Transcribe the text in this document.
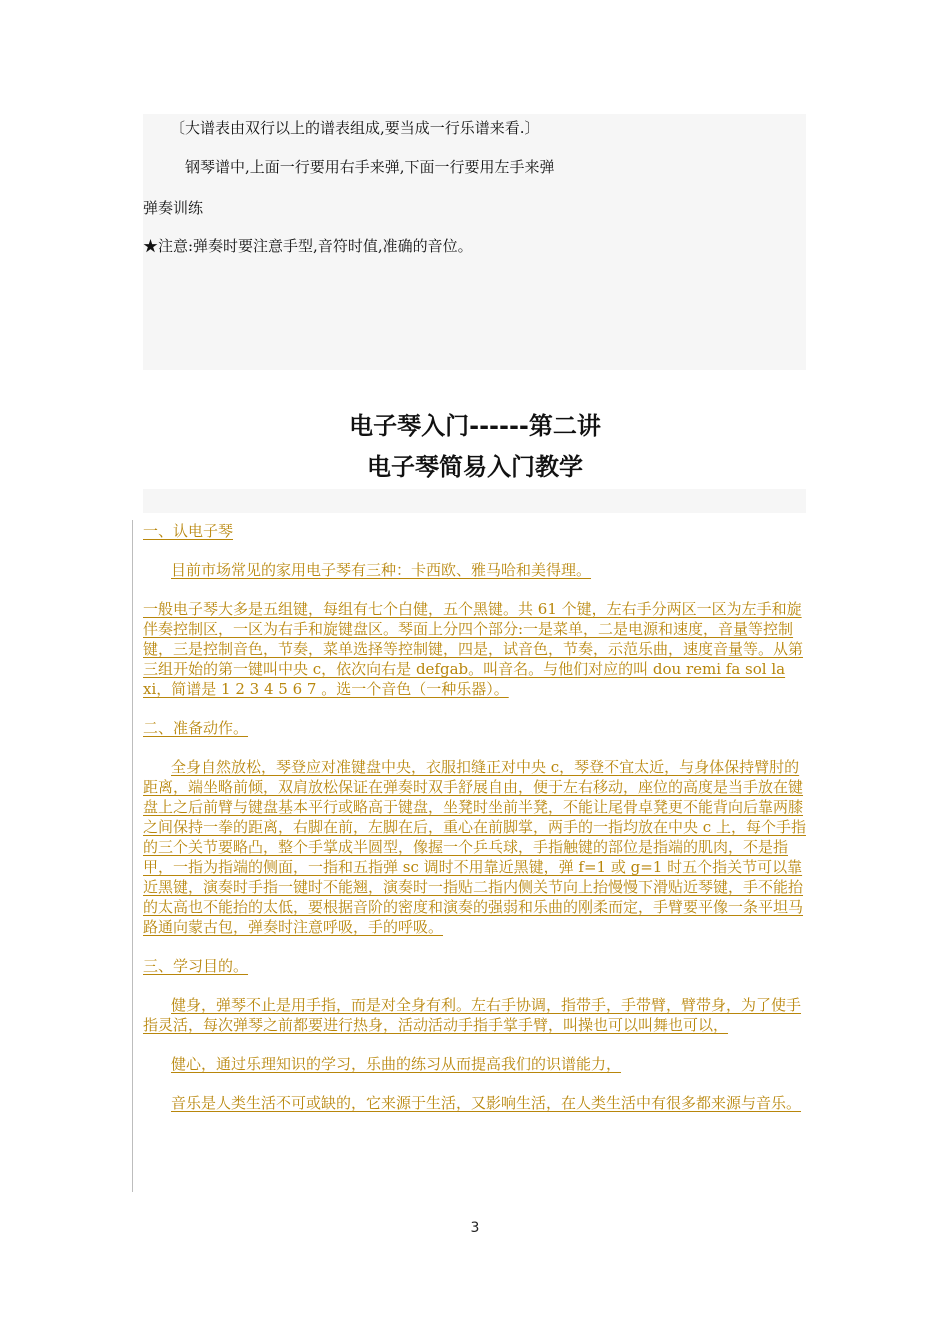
〔大谱表由双行以上的谱表组成,要当成一行乐谱来看.〕
钢琴谱中,上面一行要用右手来弹,下面一行要用左手来弹
弹奏训练
★注意:弹奏时要注意手型,音符时值,准确的音位。
电子琴入门------第二讲
电子琴简易入门教学

一、认电子琴

目前市场常见的家用电子琴有三种：卡西欧、雅马哈和美得理。

一般电子琴大多是五组键，每组有七个白健，五个黑键。共 61 个键，左右手分两区一区为左手和旋伴奏控制区，一区为右手和旋键盘区。琴面上分四个部分:一是菜单，二是电源和速度，音量等控制键，三是控制音色，节奏，菜单选择等控制键，四是，试音色，节奏，示范乐曲，速度音量等。从第三组开始的第一键叫中央 c，依次向右是 defgab。叫音名。与他们对应的叫 dou remi fa sol la xi，简谱是 1 2 3 4 5 6 7 。选一个音色（一种乐器）。

二、准备动作。

全身自然放松，琴登应对准键盘中央，衣服扣缝正对中央 c，琴登不宜太近，与身体保持臂肘的距离，端坐略前倾，双肩放松保证在弹奏时双手舒展自由，便于左右移动，座位的高度是当手放在键盘上之后前臂与键盘基本平行或略高于键盘，坐凳时坐前半凳，不能让尾骨卓凳更不能背向后靠两膝之间保持一拳的距离，右脚在前，左脚在后，重心在前脚掌，两手的一指均放在中央 c 上，每个手指的三个关节要略凸，整个手掌成半圆型，像握一个乒乓球，手指触键的部位是指端的肌肉，不是指甲，一指为指端的侧面，一指和五指弹 sc 调时不用靠近黑键，弹 f=1 或 g=1 时五个指关节可以靠近黑键，演奏时手指一键时不能翘，演奏时一指贴二指内侧关节向上抬慢慢下滑贴近琴键，手不能抬的太高也不能抬的太低，要根据音阶的密度和演奏的强弱和乐曲的刚柔而定，手臂要平像一条平坦马路通向蒙古包，弹奏时注意呼吸，手的呼吸。

三、学习目的。

健身，弹琴不止是用手指，而是对全身有利。左右手协调，指带手，手带臂，臂带身，为了使手指灵活，每次弹琴之前都要进行热身，活动活动手指手掌手臂，叫操也可以叫舞也可以，

健心，通过乐理知识的学习，乐曲的练习从而提高我们的识谱能力，

音乐是人类生活不可或缺的，它来源于生活，又影响生活，在人类生活中有很多都来源与音乐。

3
